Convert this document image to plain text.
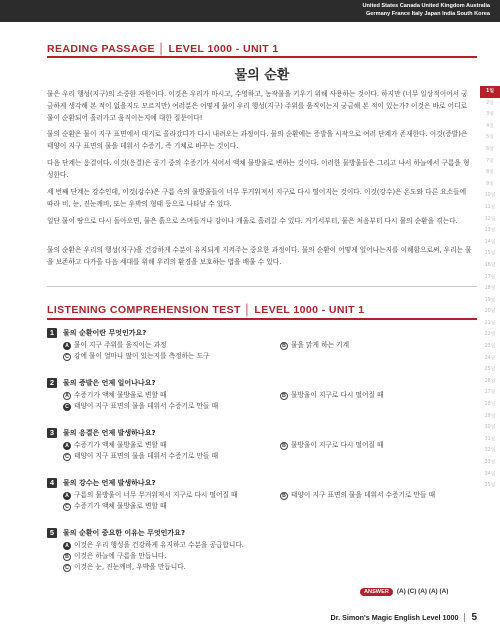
United States Canada United Kingdom Australia
Germany France Italy Japan India South Korea
READING PASSAGE │ LEVEL 1000 - UNIT 1
물의 순환
물은 우리 행성(지구)의 소중한 자원이다. 이것은 우리가 마시고, 수영하고, 농작물을 키우기 위해 사용하는 것이다. 하지만 (너무 일상적이어서 궁금하게 생각해 본 적이 없을지도 모르지만) 여러분은 어떻게 물이 우리 행성(지구) 주위를 움직이는지 궁금해 본 적이 있는가? 이것은 바로 어디로 물이 순환되어 흘러가고 움직이는지에 대한 질문이다!
물의 순환은 물이 지구 표면에서 대기로 올라갔다가 다시 내려오는 과정이다. 물의 순환에는 증발을 시작으로 여러 단계가 존재한다. 이것(증발)은 태양이 지구 표면의 물을 데워서 수증기, 즉 기체로 바꾸는 것이다.
다음 단계는 응결이다. 이것(응결)은 공기 중의 수증기가 식어서 액체 물방울로 변하는 것이다. 이러한 물방울들은 그리고 나서 하늘에서 구름을 형성한다.
세 번째 단계는 강수인데, 이것(강수)은 구름 속의 물방울들이 너무 무거워져서 지구로 다시 떨어지는 것이다. 이것(강수)은 온도와 다른 요소들에 따라 비, 눈, 진눈깨비, 또는 우박의 형태 등으로 나타날 수 있다.
일단 물이 땅으로 다시 돌아오면, 물은 흙으로 스며들거나 강이나 개울로 흘러갈 수 있다. 거기서부터, 물은 처음부터 다시 물의 순환을 겪는다.
물의 순환은 우리의 행성(지구)을 건강하게 수분이 유지되게 지켜주는 중요한 과정이다. 물의 순환이 어떻게 일어나는지를 이해함으로써, 우리는 물을 보존하고 다가올 다음 세대를 위해 우리의 환경을 보호하는 법을 배울 수 있다.
LISTENING COMPREHENSION TEST │ LEVEL 1000 - UNIT 1
1	물의 순환이란 무엇인가요?
A 물이 지구 주위를 움직이는 과정	B 물을 맑게 하는 기계
C 강에 물이 얼마나 많이 있는지를 측정하는 도구
2	물의 증발은 언제 일어나나요?
A 수증기가 액체 물방울로 변할 때	B 물방울이 지구로 다시 떨어질 때
C 태양이 지구 표면의 물을 데워서 수증기로 만들 때
3	물의 응결은 언제 발생하나요?
A 수증기가 액체 물방울로 변할 때	B 물방울이 지구로 다시 떨어질 때
C 태양이 지구 표면의 물을 데워서 수증기로 만들 때
4	물의 강수는 언제 발생하나요?
A 구름의 물방울이 너무 무거워져서 지구로 다시 떨어질 때	B 태양이 지구 표면의 물을 데워서 수증기로 만들 때
C 수증기가 액체 물방울로 변할 때
5	물의 순환이 중요한 이유는 무엇인가요?
A 이것은 우리 행성을 건강하게 유지하고 수분을 공급합니다.
B 이것은 하늘에 구름을 만듭니다.
C 이것은 눈, 진눈깨비, 우박을 만듭니다.
ANSWER (A) (C) (A) (A) (A)
1일
2일
3일
4일
5일
6일
7일
8일
9일
10일
11일
12일
13일
14일
15일
16일
17일
18일
19일
20일
21일
22일
23일
24일
25일
26일
27일
28일
29일
30일
31일
32일
33일
34일
35일
Dr. Simon's Magic English Level 1000 5
